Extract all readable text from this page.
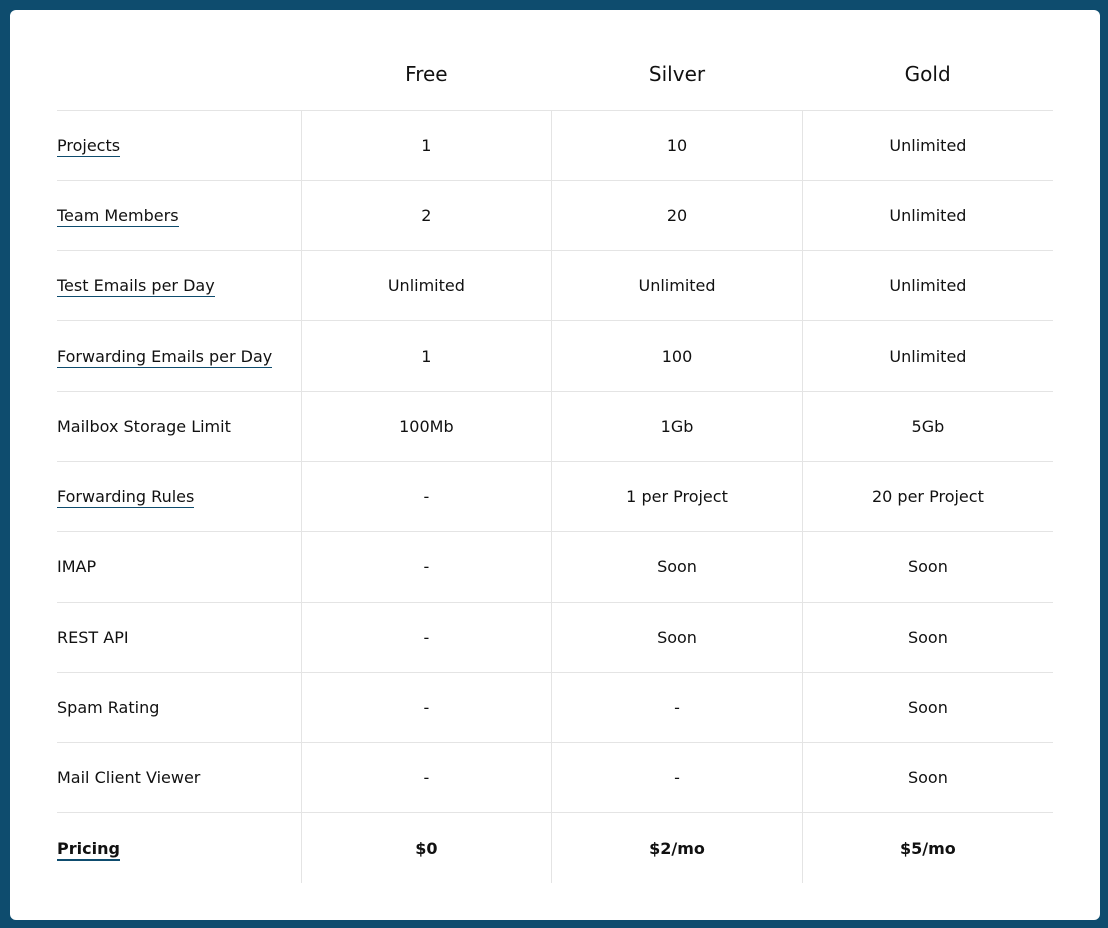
	Free	Silver	Gold
Projects	1	10	Unlimited
Team Members	2	20	Unlimited
Test Emails per Day	Unlimited	Unlimited	Unlimited
Forwarding Emails per Day	1	100	Unlimited
Mailbox Storage Limit	100Mb	1Gb	5Gb
Forwarding Rules	-	1 per Project	20 per Project
IMAP	-	Soon	Soon
REST API	-	Soon	Soon
Spam Rating	-	-	Soon
Mail Client Viewer	-	-	Soon
Pricing	$0	$2/mo	$5/mo
